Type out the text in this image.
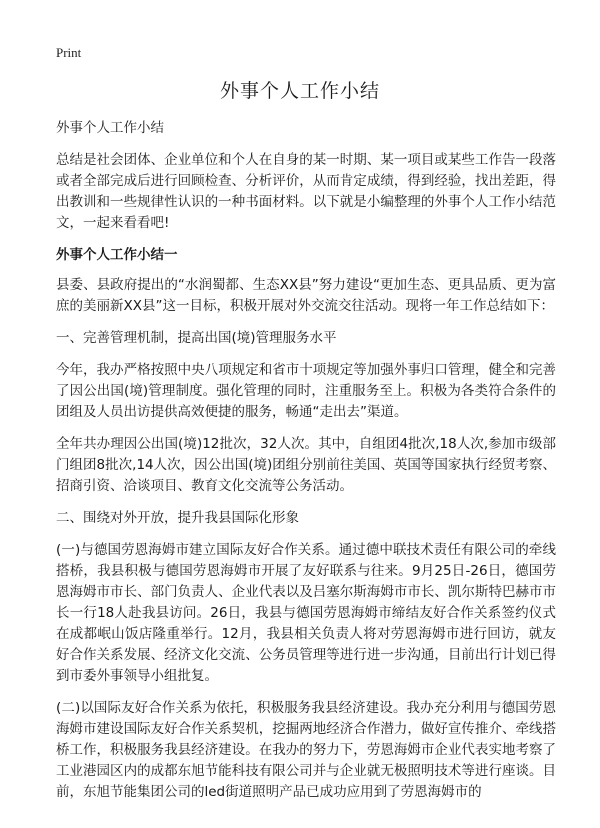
Print
外事个人工作小结

外事个人工作小结

总结是社会团体、企业单位和个人在自身的某一时期、某一项目或某些工作告一段落或者全部完成后进行回顾检查、分析评价，从而肯定成绩，得到经验，找出差距，得出教训和一些规律性认识的一种书面材料。以下就是小编整理的外事个人工作小结范文，一起来看看吧!

外事个人工作小结一

县委、县政府提出的“水润蜀都、生态XX县”努力建设“更加生态、更具品质、更为富庶的美丽新XX县”这一目标，积极开展对外交流交往活动。现将一年工作总结如下：

一、完善管理机制，提高出国(境)管理服务水平

今年，我办严格按照中央八项规定和省市十项规定等加强外事归口管理，健全和完善了因公出国(境)管理制度。强化管理的同时，注重服务至上。积极为各类符合条件的团组及人员出访提供高效便捷的服务，畅通“走出去”渠道。

全年共办理因公出国(境)12批次，32人次。其中，自组团4批次,18人次,参加市级部门组团8批次,14人次，因公出国(境)团组分别前往美国、英国等国家执行经贸考察、招商引资、洽谈项目、教育文化交流等公务活动。

二、围绕对外开放，提升我县国际化形象

(一)与德国劳恩海姆市建立国际友好合作关系。通过德中联技术责任有限公司的牵线搭桥，我县积极与德国劳恩海姆市开展了友好联系与往来。9月25日-26日，德国劳恩海姆市市长、部门负责人、企业代表以及吕塞尔斯海姆市市长、凯尔斯特巴赫市市长一行18人赴我县访问。26日，我县与德国劳恩海姆市缔结友好合作关系签约仪式在成都岷山饭店隆重举行。12月，我县相关负责人将对劳恩海姆市进行回访，就友好合作关系发展、经济文化交流、公务员管理等进行进一步沟通，目前出行计划已得到市委外事领导小组批复。

(二)以国际友好合作关系为依托，积极服务我县经济建设。我办充分利用与德国劳恩海姆市建设国际友好合作关系契机，挖掘两地经济合作潜力，做好宣传推介、牵线搭桥工作，积极服务我县经济建设。在我办的努力下，劳恩海姆市企业代表实地考察了工业港园区内的成都东旭节能科技有限公司并与企业就无极照明技术等进行座谈。目前，东旭节能集团公司的led街道照明产品已成功应用到了劳恩海姆市的
